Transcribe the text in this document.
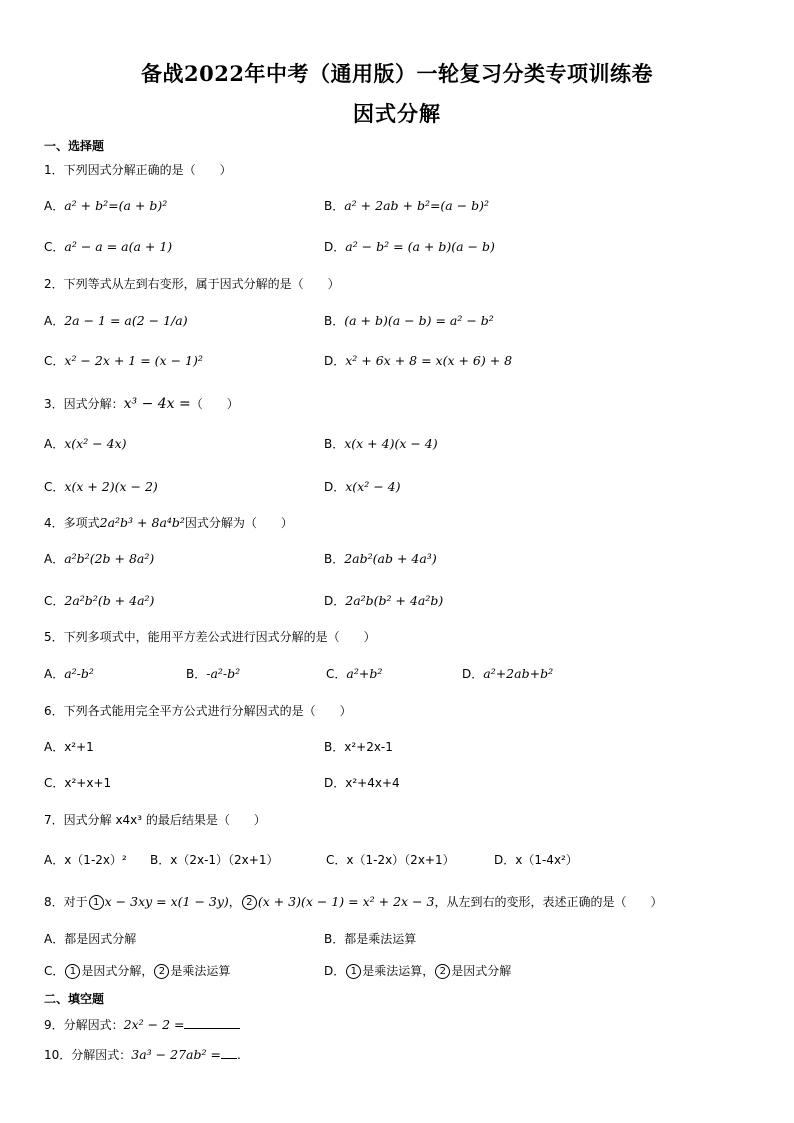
备战2022年中考（通用版）一轮复习分类专项训练卷
因式分解
一、选择题
1．下列因式分解正确的是（　　）
A．a² + b²=(a + b)²	B．a² + 2ab + b²=(a − b)²
C．a² − a = a(a + 1)	D．a² − b² = (a + b)(a − b)
2．下列等式从左到右变形，属于因式分解的是（　　）
A．2a − 1 = a(2 − 1/a)	B．(a + b)(a − b) = a² − b²
C．x² − 2x + 1 = (x − 1)²	D．x² + 6x + 8 = x(x + 6) + 8
3．因式分解：x³ − 4x =（　　）
A．x(x² − 4x)	B．x(x + 4)(x − 4)
C．x(x + 2)(x − 2)	D．x(x² − 4)
4．多项式2a²b³ + 8a⁴b²因式分解为（　　）
A．a²b²(2b + 8a²)	B．2ab²(ab + 4a³)
C．2a²b²(b + 4a²)	D．2a²b(b² + 4a²b)
5．下列多项式中，能用平方差公式进行因式分解的是（　　）
A．a²-b²	B．-a²-b²	C．a²+b²	D．a²+2ab+b²
6．下列各式能用完全平方公式进行分解因式的是（　　）
A．x²+1	B．x²+2x-1
C．x²+x+1	D．x²+4x+4
7．因式分解 x4x³ 的最后结果是（　　）
A．x（1-2x）² B．x（2x-1）（2x+1）	C．x（1-2x）（2x+1）	D．x（1-4x²）
8．对于 1 x − 3xy = x(1 − 3y)， 2 (x + 3)(x − 1) = x² + 2x − 3，从左到右的变形，表述正确的是（　　）
A．都是因式分解	B．都是乘法运算
C． 1 是因式分解， 2 是乘法运算	D． 1 是乘法运算， 2 是因式分解
二、填空题
9．分解因式：2x² − 2 =
10．分解因式：3a³ − 27ab² = .
